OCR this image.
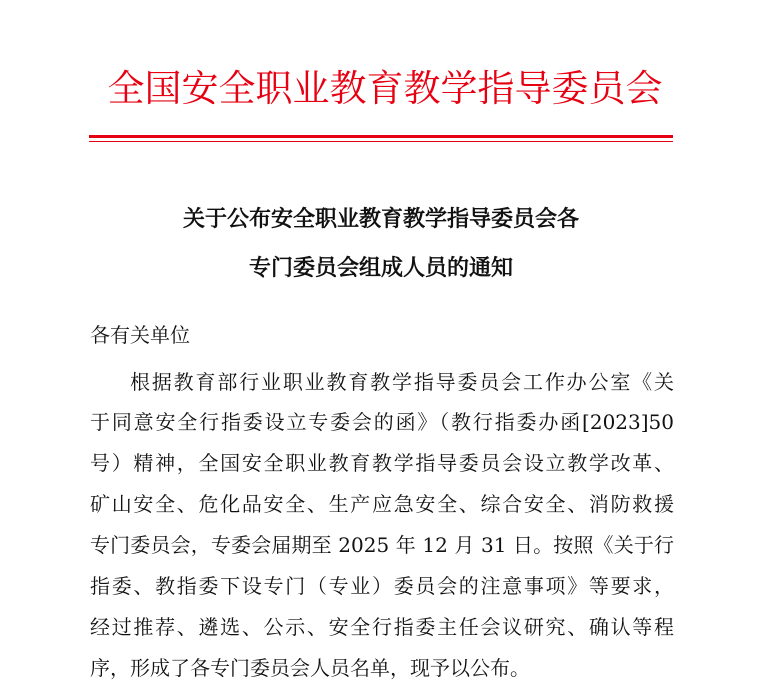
全国安全职业教育教学指导委员会
关于公布安全职业教育教学指导委员会各
专门委员会组成人员的通知
各有关单位
根据教育部行业职业教育教学指导委员会工作办公室《关
于同意安全行指委设立专委会的函》（教行指委办函[2023]50
号）精神，全国安全职业教育教学指导委员会设立教学改革、
矿山安全、危化品安全、生产应急安全、综合安全、消防救援
专门委员会，专委会届期至 2025 年 12 月 31 日。按照《关于行
指委、教指委下设专门（专业）委员会的注意事项》等要求，
经过推荐、遴选、公示、安全行指委主任会议研究、确认等程
序，形成了各专门委员会人员名单，现予以公布。
